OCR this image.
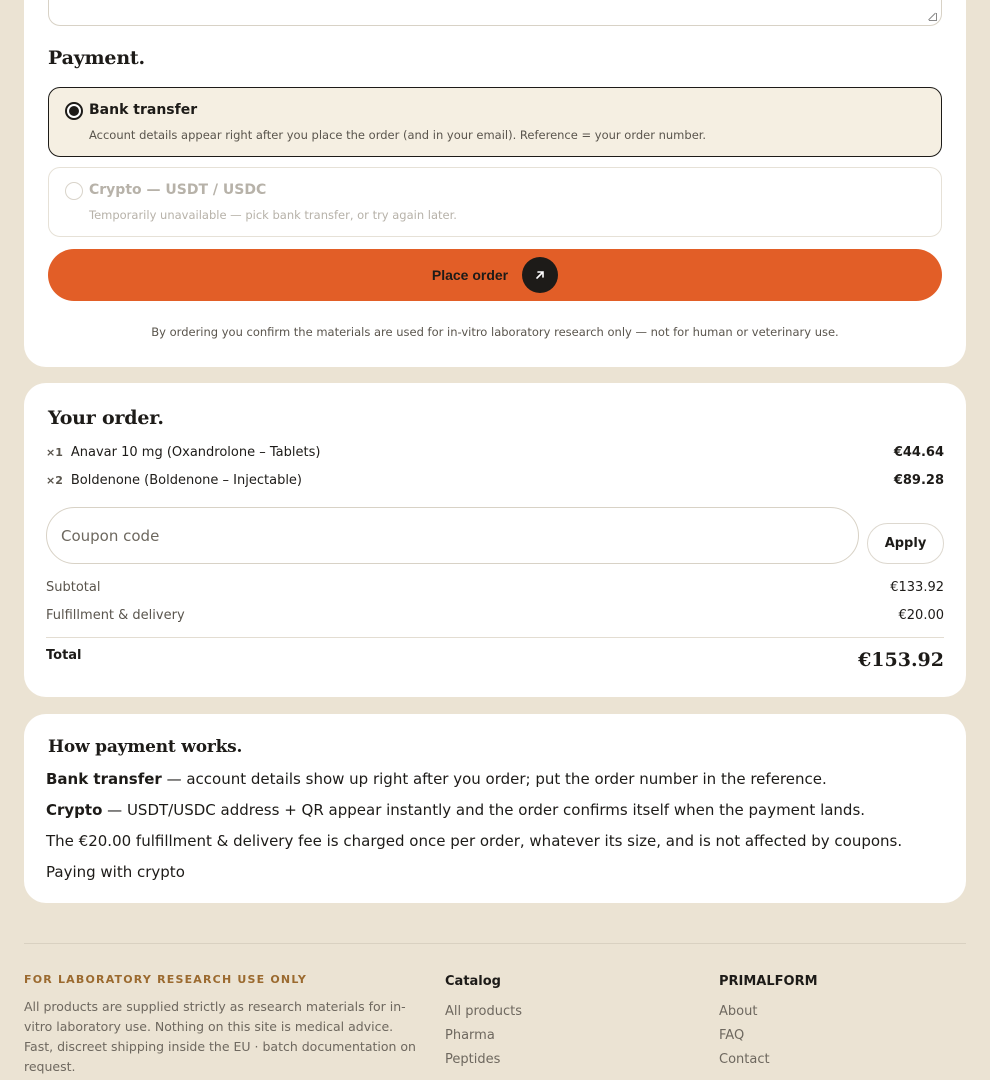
Payment.
Bank transfer
Account details appear right after you place the order (and in your email). Reference = your order number.
Crypto — USDT / USDC
Temporarily unavailable — pick bank transfer, or try again later.
Place order

By ordering you confirm the materials are used for in-vitro laboratory research only — not for human or veterinary use.

Your order.
×1 Anavar 10 mg (Oxandrolone – Tablets)	€44.64
×2 Boldenone (Boldenone – Injectable)	€89.28
Coupon code
Apply
Subtotal	€133.92
Fulfillment & delivery	€20.00
Total	€153.92
How payment works.

Bank transfer — account details show up right after you order; put the order number in the reference.

Crypto — USDT/USDC address + QR appear instantly and the order confirms itself when the payment lands.

The €20.00 fulfillment & delivery fee is charged once per order, whatever its size, and is not affected by coupons.

Paying with crypto

FOR LABORATORY RESEARCH USE ONLY

All products are supplied strictly as research materials for in-vitro laboratory use. Nothing on this site is medical advice. Fast, discreet shipping inside the EU · batch documentation on request.

Catalog
All products
Pharma
Peptides
PRIMALFORM
About
FAQ
Contact
